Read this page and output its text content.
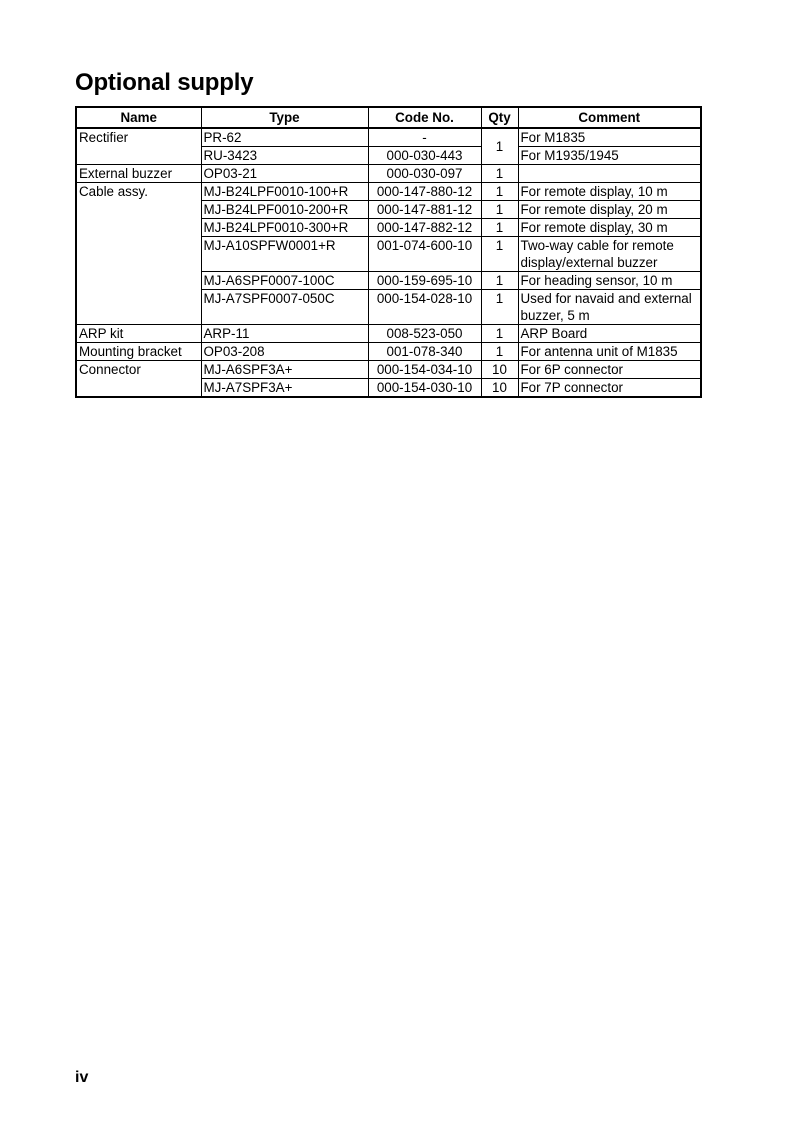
Optional supply
Name	Type	Code No.	Qty	Comment
Rectifier	PR-62	-	1	For M1835
	RU-3423	000-030-443		For M1935/1945
External buzzer	OP03-21	000-030-097	1	
Cable assy.	MJ-B24LPF0010-100+R	000-147-880-12	1	For remote display, 10 m
	MJ-B24LPF0010-200+R	000-147-881-12	1	For remote display, 20 m
	MJ-B24LPF0010-300+R	000-147-882-12	1	For remote display, 30 m
	MJ-A10SPFW0001+R	001-074-600-10	1	Two-way cable for remote display/external buzzer
	MJ-A6SPF0007-100C	000-159-695-10	1	For heading sensor, 10 m
	MJ-A7SPF0007-050C	000-154-028-10	1	Used for navaid and external buzzer, 5 m
ARP kit	ARP-11	008-523-050	1	ARP Board
Mounting bracket	OP03-208	001-078-340	1	For antenna unit of M1835
Connector	MJ-A6SPF3A+	000-154-034-10	10	For 6P connector
	MJ-A7SPF3A+	000-154-030-10	10	For 7P connector
iv
